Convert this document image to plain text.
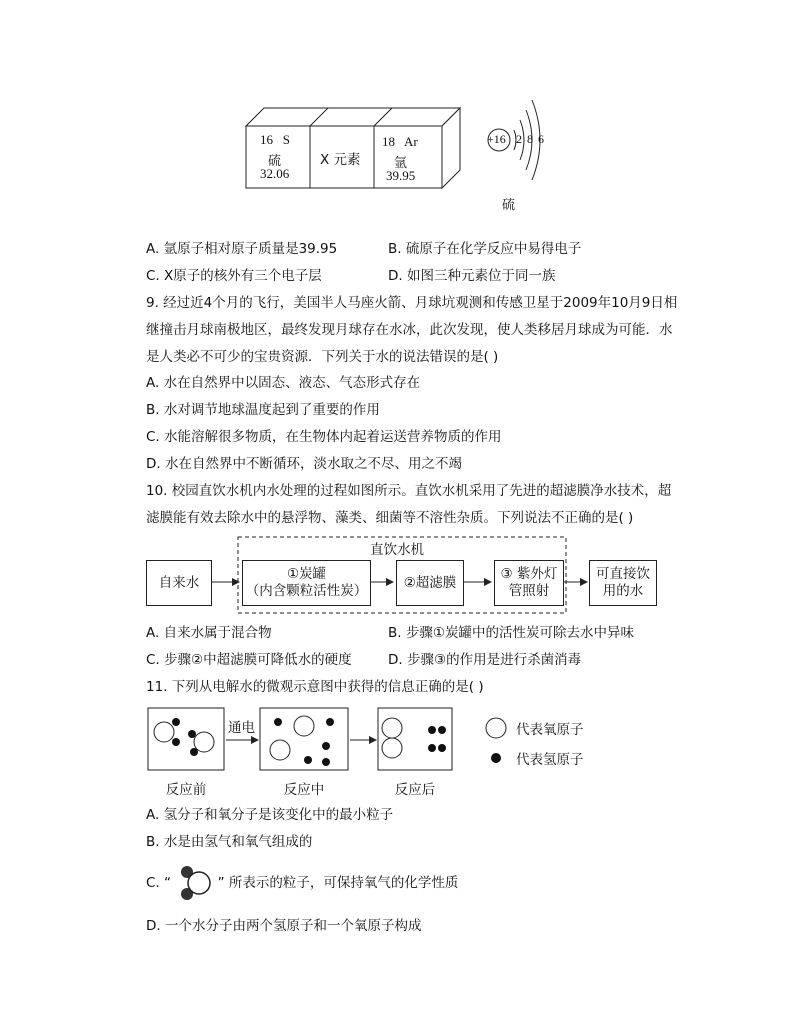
16 S
硫
32.06
X 元素
18 Ar
氩
39.95
+16 2 8 6
硫
A. 氩原子相对原子质量是39.95	B. 硫原子在化学反应中易得电子
C. X原子的核外有三个电子层	D. 如图三种元素位于同一族
9. 经过近4个月的飞行，美国半人马座火箭、月球坑观测和传感卫星于2009年10月9日相
继撞击月球南极地区，最终发现月球存在水冰，此次发现，使人类移居月球成为可能．水
是人类必不可少的宝贵资源．下列关于水的说法错误的是( )
A. 水在自然界中以固态、液态、气态形式存在
B. 水对调节地球温度起到了重要的作用
C. 水能溶解很多物质，在生物体内起着运送营养物质的作用
D. 水在自然界中不断循环，淡水取之不尽、用之不竭
10. 校园直饮水机内水处理的过程如图所示。直饮水机采用了先进的超滤膜净水技术，超
滤膜能有效去除水中的悬浮物、藻类、细菌等不溶性杂质。下列说法不正确的是( )
直饮水机
自来水
①炭罐
（内含颗粒活性炭）
②超滤膜
③ 紫外灯
管照射
可直接饮
用的水
A. 自来水属于混合物	B. 步骤①炭罐中的活性炭可除去水中异味
C. 步骤②中超滤膜可降低水的硬度	D. 步骤③的作用是进行杀菌消毒
11. 下列从电解水的微观示意图中获得的信息正确的是( )
通电	代表氧原子
代表氢原子
反应前	反应中	反应后
A. 氢分子和氧分子是该变化中的最小粒子
B. 水是由氢气和氧气组成的
C. “	” 所表示的粒子，可保持氧气的化学性质
D. 一个水分子由两个氢原子和一个氧原子构成
